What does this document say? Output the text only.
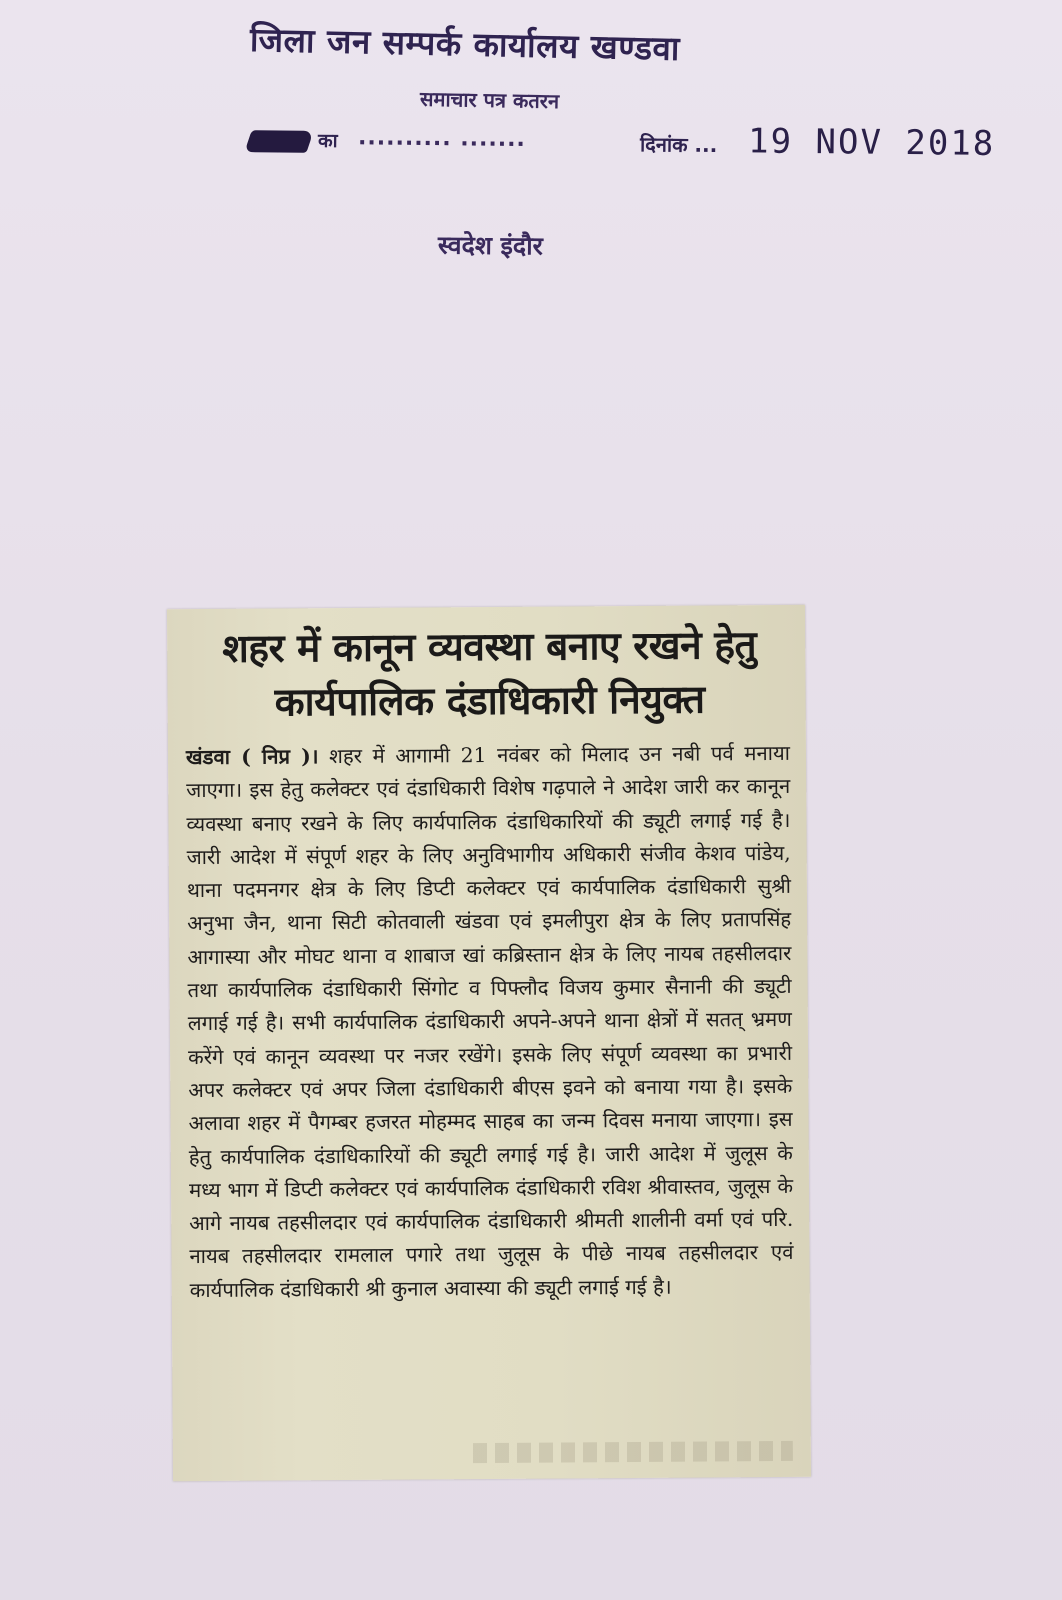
जिला जन सम्पर्क कार्यालय खण्डवा
समाचार पत्र कतरन
का .......... .......	दिनांक ... 19 NOV 2018
स्वदेश इंदौर
शहर में कानून व्यवस्था बनाए रखने हेतु कार्यपालिक दंडाधिकारी नियुक्त
खंडवा ( निप्र )। शहर में आगामी 21 नवंबर को मिलाद उन नबी पर्व मनाया जाएगा। इस हेतु कलेक्टर एवं दंडाधिकारी विशेष गढ़पाले ने आदेश जारी कर कानून व्यवस्था बनाए रखने के लिए कार्यपालिक दंडाधिकारियों की ड्यूटी लगाई गई है। जारी आदेश में संपूर्ण शहर के लिए अनुविभागीय अधिकारी संजीव केशव पांडेय, थाना पदमनगर क्षेत्र के लिए डिप्टी कलेक्टर एवं कार्यपालिक दंडाधिकारी सुश्री अनुभा जैन, थाना सिटी कोतवाली खंडवा एवं इमलीपुरा क्षेत्र के लिए प्रतापसिंह आगास्या और मोघट थाना व शाबाज खां कब्रिस्तान क्षेत्र के लिए नायब तहसीलदार तथा कार्यपालिक दंडाधिकारी सिंगोट व पिफ्लौद विजय कुमार सैनानी की ड्यूटी लगाई गई है। सभी कार्यपालिक दंडाधिकारी अपने-अपने थाना क्षेत्रों में सतत् भ्रमण करेंगे एवं कानून व्यवस्था पर नजर रखेंगे। इसके लिए संपूर्ण व्यवस्था का प्रभारी अपर कलेक्टर एवं अपर जिला दंडाधिकारी बीएस इवने को बनाया गया है। इसके अलावा शहर में पैगम्बर हजरत मोहम्मद साहब का जन्म दिवस मनाया जाएगा। इस हेतु कार्यपालिक दंडाधिकारियों की ड्यूटी लगाई गई है। जारी आदेश में जुलूस के मध्य भाग में डिप्टी कलेक्टर एवं कार्यपालिक दंडाधिकारी रविश श्रीवास्तव, जुलूस के आगे नायब तहसीलदार एवं कार्यपालिक दंडाधिकारी श्रीमती शालीनी वर्मा एवं परि. नायब तहसीलदार रामलाल पगारे तथा जुलूस के पीछे नायब तहसीलदार एवं कार्यपालिक दंडाधिकारी श्री कुनाल अवास्या की ड्यूटी लगाई गई है।
